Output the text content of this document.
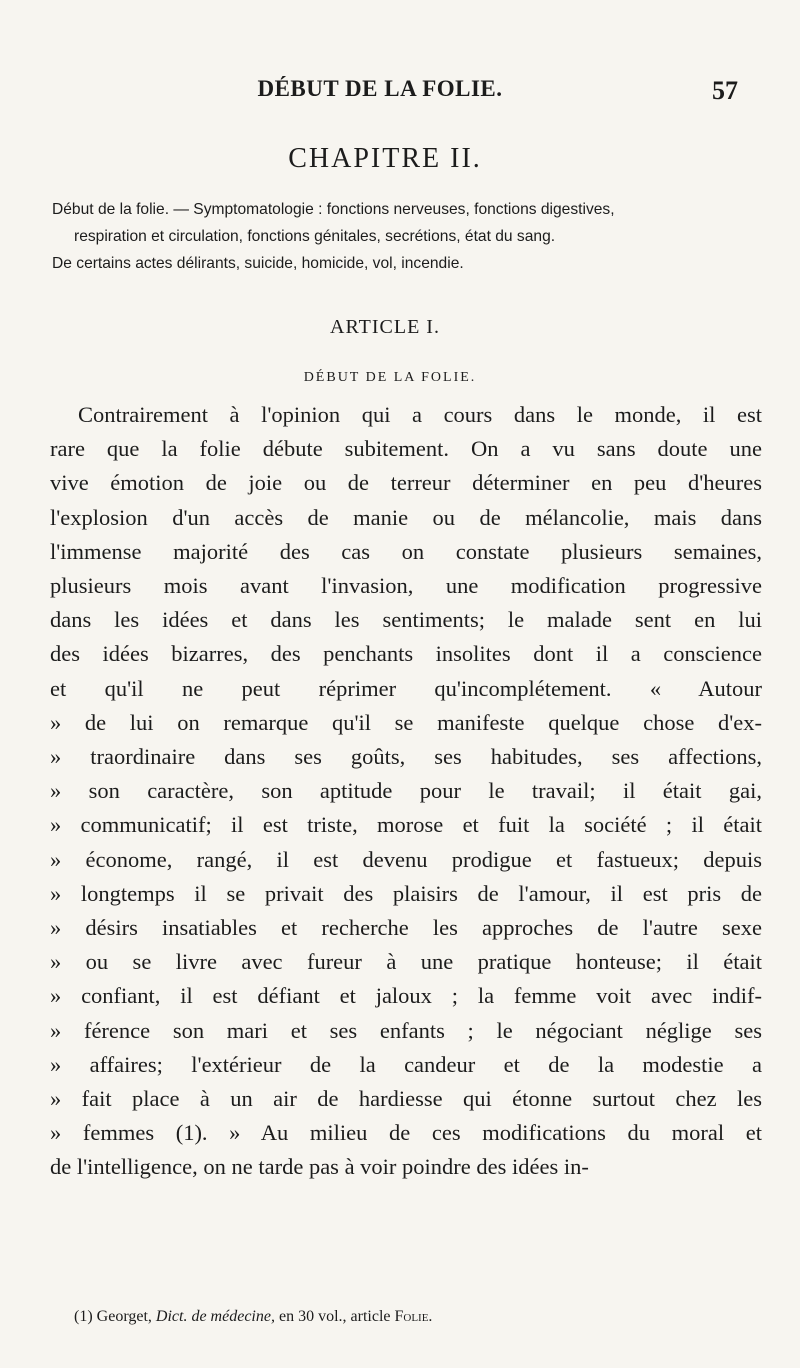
DÉBUT DE LA FOLIE.	57
CHAPITRE II.

Début de la folie. — Symptomatologie : fonctions nerveuses, fonctions digestives,

respiration et circulation, fonctions génitales, secrétions, état du sang.

De certains actes délirants, suicide, homicide, vol, incendie.

ARTICLE I.
DÉBUT DE LA FOLIE.
Contrairement à l'opinion qui a cours dans le monde, il est
rare que la folie débute subitement. On a vu sans doute une
vive émotion de joie ou de terreur déterminer en peu d'heures
l'explosion d'un accès de manie ou de mélancolie, mais dans
l'immense majorité des cas on constate plusieurs semaines,
plusieurs mois avant l'invasion, une modification progressive
dans les idées et dans les sentiments; le malade sent en lui
des idées bizarres, des penchants insolites dont il a conscience
et qu'il ne peut réprimer qu'incomplétement. « Autour
» de lui on remarque qu'il se manifeste quelque chose d'ex-
» traordinaire dans ses goûts, ses habitudes, ses affections,
» son caractère, son aptitude pour le travail; il était gai,
» communicatif; il est triste, morose et fuit la société ; il était
» économe, rangé, il est devenu prodigue et fastueux; depuis
» longtemps il se privait des plaisirs de l'amour, il est pris de
» désirs insatiables et recherche les approches de l'autre sexe
» ou se livre avec fureur à une pratique honteuse; il était
» confiant, il est défiant et jaloux ; la femme voit avec indif-
» férence son mari et ses enfants ; le négociant néglige ses
» affaires; l'extérieur de la candeur et de la modestie a
» fait place à un air de hardiesse qui étonne surtout chez les
» femmes (1). » Au milieu de ces modifications du moral et
de l'intelligence, on ne tarde pas à voir poindre des idées in-
(1) Georget, Dict. de médecine, en 30 vol., article Folie.
